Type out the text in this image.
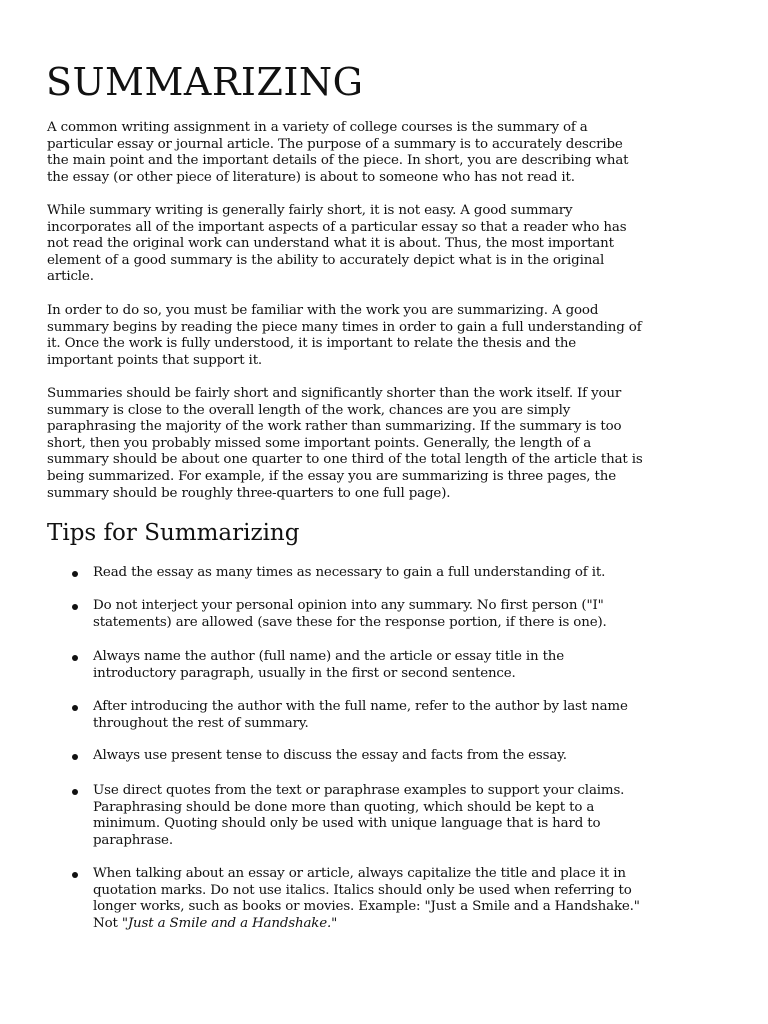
SUMMARIZING

A common writing assignment in a variety of college courses is the summary of a
particular essay or journal article. The purpose of a summary is to accurately describe
the main point and the important details of the piece. In short, you are describing what
the essay (or other piece of literature) is about to someone who has not read it.

While summary writing is generally fairly short, it is not easy. A good summary
incorporates all of the important aspects of a particular essay so that a reader who has
not read the original work can understand what it is about. Thus, the most important
element of a good summary is the ability to accurately depict what is in the original
article.

In order to do so, you must be familiar with the work you are summarizing. A good
summary begins by reading the piece many times in order to gain a full understanding of
it. Once the work is fully understood, it is important to relate the thesis and the
important points that support it.

Summaries should be fairly short and significantly shorter than the work itself. If your
summary is close to the overall length of the work, chances are you are simply
paraphrasing the majority of the work rather than summarizing. If the summary is too
short, then you probably missed some important points. Generally, the length of a
summary should be about one quarter to one third of the total length of the article that is
being summarized. For example, if the essay you are summarizing is three pages, the
summary should be roughly three-quarters to one full page).

Tips for Summarizing
Read the essay as many times as necessary to gain a full understanding of it.
Do not interject your personal opinion into any summary. No first person ("I"
statements) are allowed (save these for the response portion, if there is one).
Always name the author (full name) and the article or essay title in the
introductory paragraph, usually in the first or second sentence.
After introducing the author with the full name, refer to the author by last name
throughout the rest of summary.
Always use present tense to discuss the essay and facts from the essay.
Use direct quotes from the text or paraphrase examples to support your claims.
Paraphrasing should be done more than quoting, which should be kept to a
minimum. Quoting should only be used with unique language that is hard to
paraphrase.
When talking about an essay or article, always capitalize the title and place it in
quotation marks. Do not use italics. Italics should only be used when referring to
longer works, such as books or movies. Example: "Just a Smile and a Handshake."
Not "Just a Smile and a Handshake."
